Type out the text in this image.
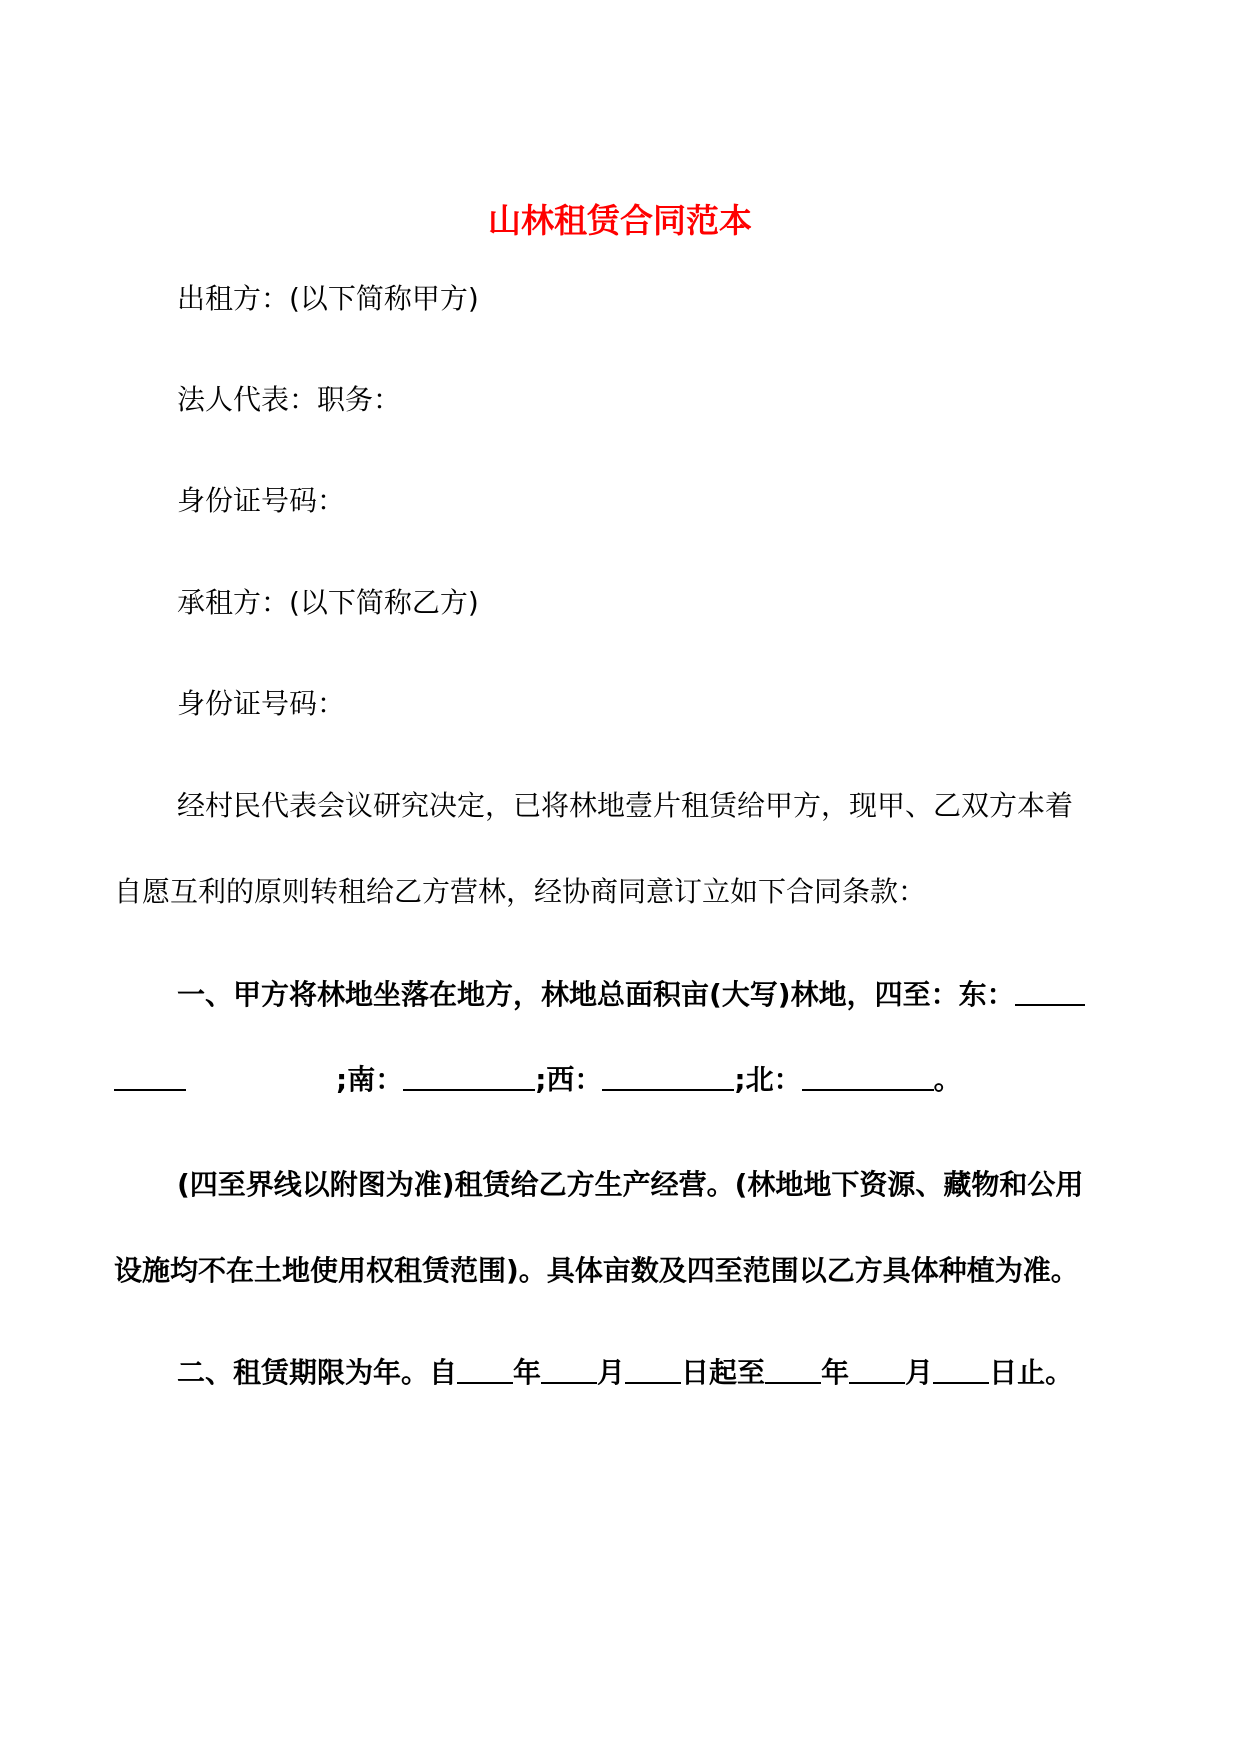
山林租赁合同范本

出租方：(以下简称甲方)

法人代表：职务：

身份证号码：

承租方：(以下简称乙方)

身份证号码：

经村民代表会议研究决定，已将林地壹片租赁给甲方，现甲、乙双方本着

自愿互利的原则转租给乙方营林，经协商同意订立如下合同条款：

一、甲方将林地坐落在地方，林地总面积亩(大写)林地，四至：东：

;南：	;西：	;北：	。

(四至界线以附图为准)租赁给乙方生产经营。(林地地下资源、藏物和公用

设施均不在土地使用权租赁范围)。具体亩数及四至范围以乙方具体种植为准。

二、租赁期限为年。自 年 月 日起至 年 月 日止。
